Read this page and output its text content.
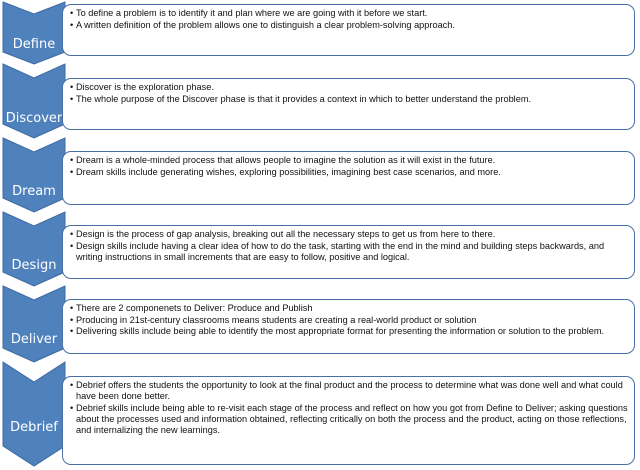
Define
• To define a problem is to identify it and plan where we are going with it before we start.
• A written definition of the problem allows one to distinguish a clear problem-solving approach.
Discover
• Discover is the exploration phase.
• The whole purpose of the Discover phase is that it provides a context in which to better understand the problem.
Dream
• Dream is a whole-minded process that allows people to imagine the solution as it will exist in the future.
• Dream skills include generating wishes, exploring possibilities, imagining best case scenarios, and more.
Design
• Design is the process of gap analysis, breaking out all the necessary steps to get us from here to there.
• Design skills include having a clear idea of how to do the task, starting with the end in the mind and building steps backwards, and writing instructions in small increments that are easy to follow, positive and logical.
Deliver
• There are 2 componenets to Deliver: Produce and Publish
• Producing in 21st-century classrooms means students are creating a real-world product or solution
• Delivering skills include being able to identify the most appropriate format for presenting the information or solution to the problem.
Debrief
• Debrief offers the students the opportunity to look at the final product and the process to determine what was done well and what could have been done better.
• Debrief skills include being able to re-visit each stage of the process and reflect on how you got from Define to Deliver; asking questions about the processes used and information obtained, reflecting critically on both the process and the product, acting on those reflections, and internalizing the new learnings.
